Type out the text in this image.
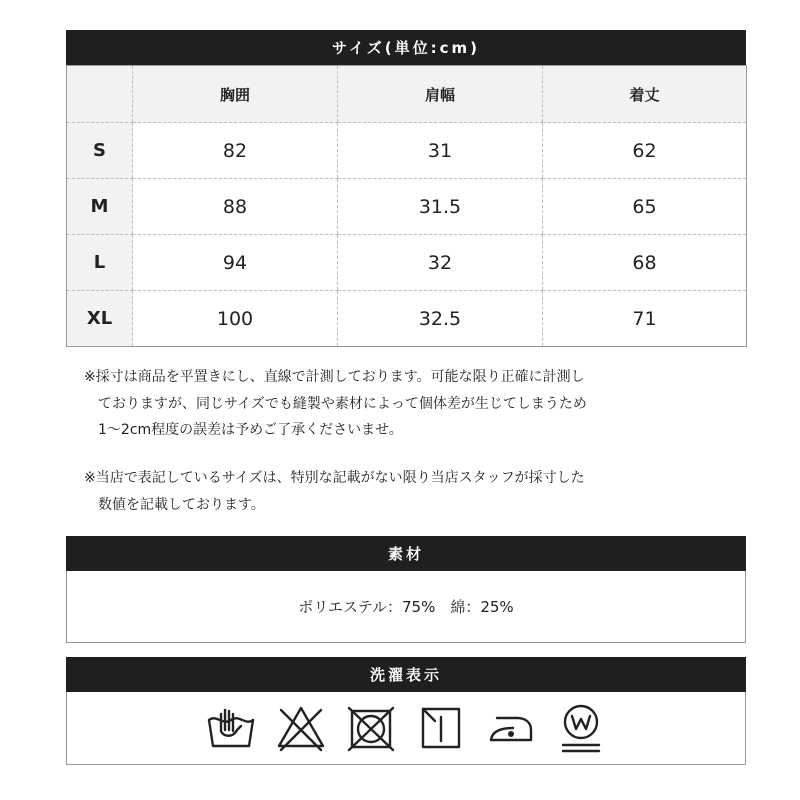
サイズ(単位:cm)
	胸囲	肩幅	着丈
S	82	31	62
M	88	31.5	65
L	94	32	68
XL	100	32.5	71
※採寸は商品を平置きにし、直線で計測しております。可能な限り正確に計測し
ておりますが、同じサイズでも縫製や素材によって個体差が生じてしまうため
1～2cm程度の誤差は予めご了承くださいませ。
※当店で表記しているサイズは、特別な記載がない限り当店スタッフが採寸した
数値を記載しております。
素材
ポリエステル：75%　綿：25%
洗濯表示
